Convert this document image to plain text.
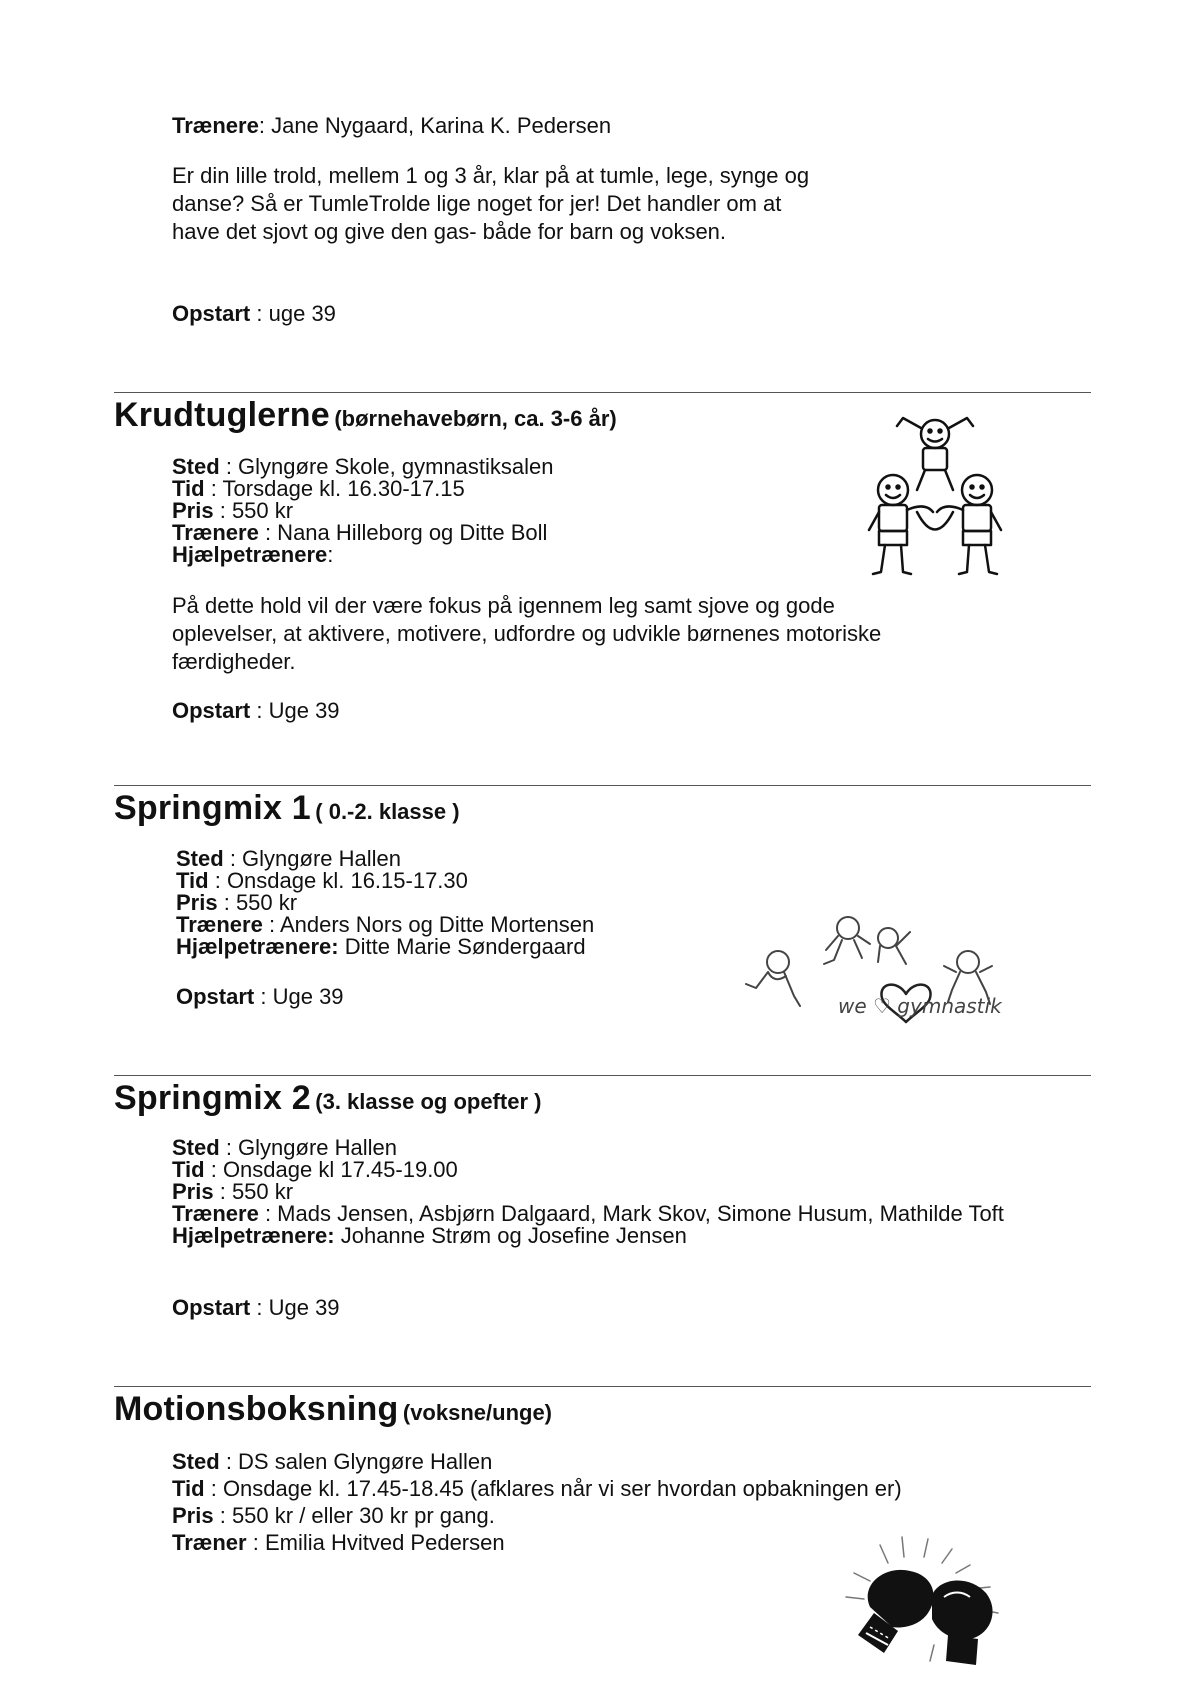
Trænere: Jane Nygaard, Karina K. Pedersen
Er din lille trold, mellem 1 og 3 år, klar på at tumle, lege, synge og danse? Så er TumleTrolde lige noget for jer! Det handler om at have det sjovt og give den gas- både for barn og voksen.
Opstart : uge 39
Krudtuglerne (børnehavebørn, ca. 3-6 år)
Sted : Glyngøre Skole, gymnastiksalen
Tid : Torsdage kl. 16.30-17.15
Pris : 550 kr
Trænere : Nana Hilleborg og Ditte Boll
Hjælpetrænere:
På dette hold vil der være fokus på igennem leg samt sjove og gode oplevelser, at aktivere, motivere, udfordre og udvikle børnenes motoriske færdigheder.
Opstart : Uge 39
Springmix 1 ( 0.-2. klasse )
Sted : Glyngøre Hallen
Tid : Onsdage kl. 16.15-17.30
Pris : 550 kr
Trænere : Anders Nors og Ditte Mortensen
Hjælpetrænere: Ditte Marie Søndergaard
Opstart : Uge 39	we ♡ gymnastik
Springmix 2 (3. klasse og opefter )
Sted : Glyngøre Hallen
Tid : Onsdage kl 17.45-19.00
Pris : 550 kr
Trænere : Mads Jensen, Asbjørn Dalgaard, Mark Skov, Simone Husum, Mathilde Toft
Hjælpetrænere: Johanne Strøm og Josefine Jensen
Opstart : Uge 39
Motionsboksning (voksne/unge)
Sted : DS salen Glyngøre Hallen
Tid : Onsdage kl. 17.45-18.45 (afklares når vi ser hvordan opbakningen er)
Pris : 550 kr / eller 30 kr pr gang.
Træner : Emilia Hvitved Pedersen
